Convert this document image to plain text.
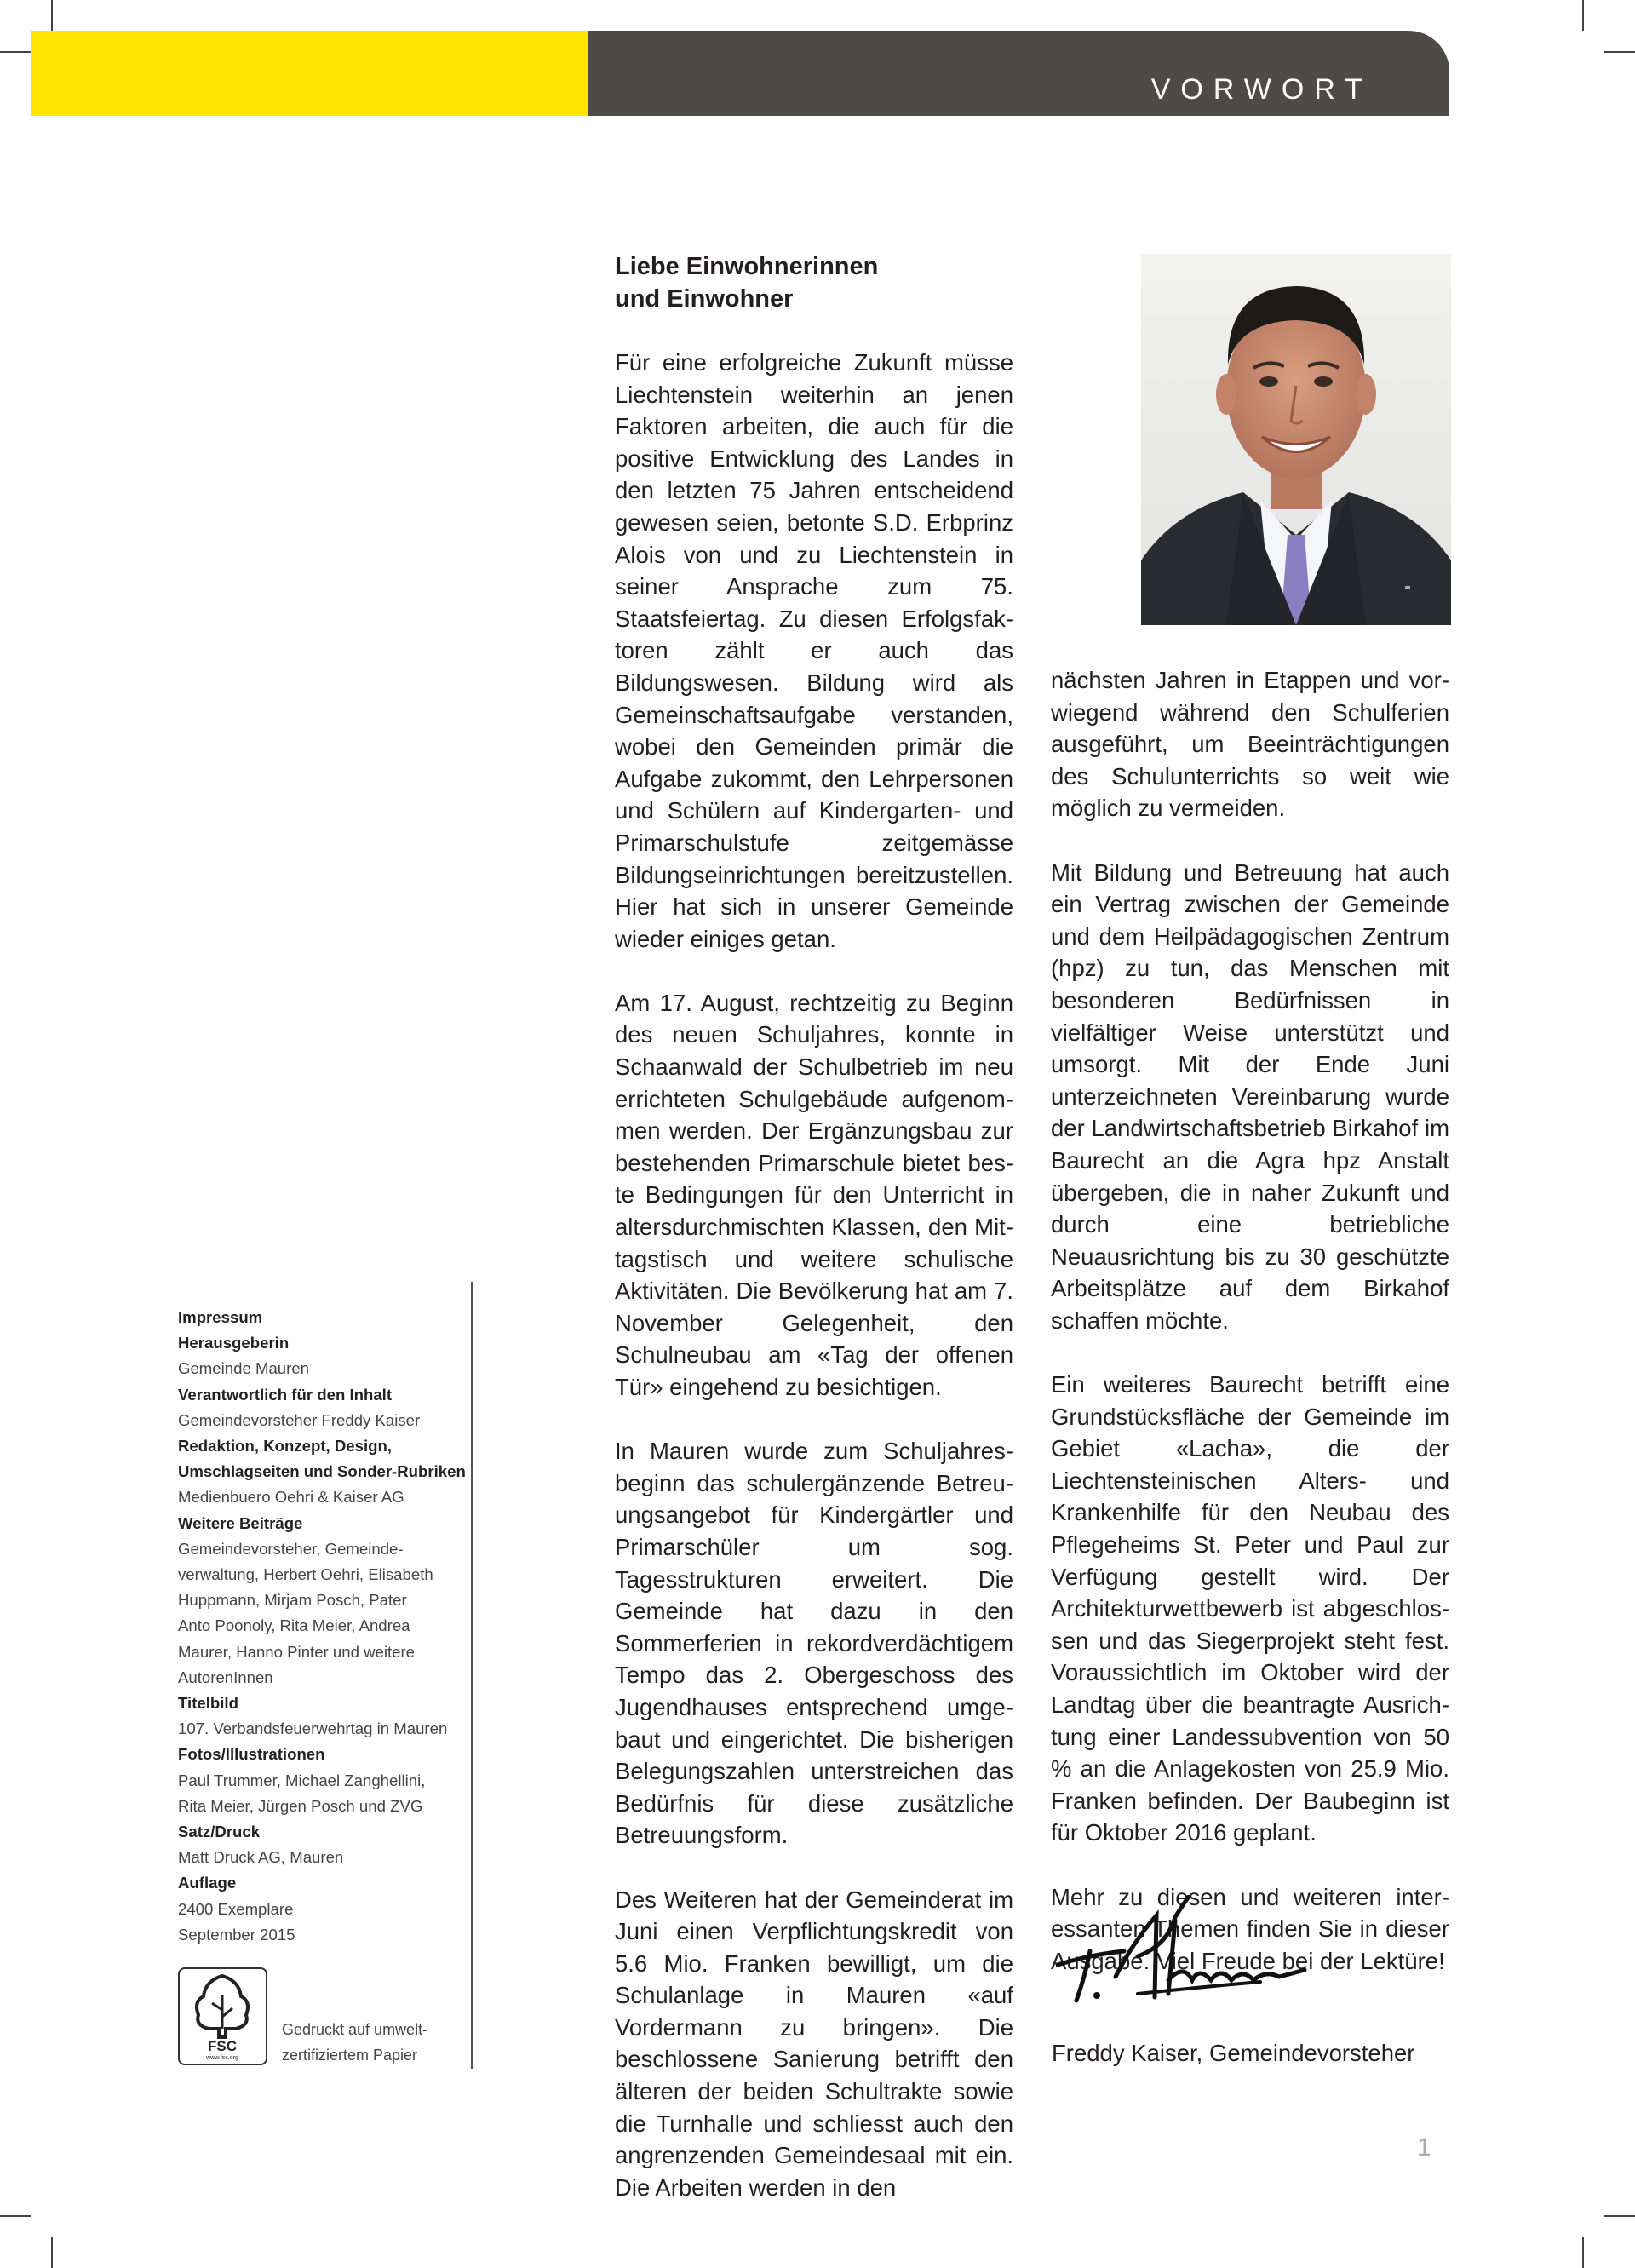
VORWORT

Liebe Einwohnerinnen
und Einwohner

Für eine erfolgreiche Zukunft müsse Liechtenstein weiterhin an jenen Faktoren arbeiten, die auch für die positive Entwicklung des Landes in den letzten 75 Jahren entscheidend gewesen seien, betonte S.D. Erbprinz Alois von und zu Liechtenstein in seiner Ansprache zum 75. Staatsfeiertag. Zu diesen Erfolgsfaktoren zählt er auch das Bildungswesen. Bildung wird als Gemeinschaftsaufgabe verstanden, wobei den Gemeinden primär die Aufgabe zukommt, den Lehrpersonen und Schülern auf Kindergarten- und Primarschulstufe zeitgemässe Bildungseinrichtungen bereitzustellen. Hier hat sich in unserer Gemeinde wieder einiges getan.

Am 17. August, rechtzeitig zu Beginn des neuen Schuljahres, konnte in Schaanwald der Schulbetrieb im neu errichteten Schulgebäude aufgenommen werden. Der Ergänzungsbau zur bestehenden Primarschule bietet beste Bedingungen für den Unterricht in altersdurchmischten Klassen, den Mittagstisch und weitere schulische Aktivitäten. Die Bevölkerung hat am 7. November Gelegenheit, den Schulneubau am «Tag der offenen Tür» eingehend zu besichtigen.

In Mauren wurde zum Schuljahresbeginn das schulergänzende Betreuungsangebot für Kindergärtler und Primarschüler um sog. Tagesstrukturen erweitert. Die Gemeinde hat dazu in den Sommerferien in rekordverdächtigem Tempo das 2. Obergeschoss des Jugendhauses entsprechend umgebaut und eingerichtet. Die bisherigen Belegungszahlen unterstreichen das Bedürfnis für diese zusätzliche Betreuungsform.

Des Weiteren hat der Gemeinderat im Juni einen Verpflichtungskredit von 5.6 Mio. Franken bewilligt, um die Schulanlage in Mauren «auf Vordermann zu bringen». Die beschlossene Sanierung betrifft den älteren der beiden Schultrakte sowie die Turnhalle und schliesst auch den angrenzenden Gemeindesaal mit ein. Die Arbeiten werden in den

nächsten Jahren in Etappen und vorwiegend während den Schulferien ausgeführt, um Beeinträchtigungen des Schulunterrichts so weit wie möglich zu vermeiden.

Mit Bildung und Betreuung hat auch ein Vertrag zwischen der Gemeinde und dem Heilpädagogischen Zentrum (hpz) zu tun, das Menschen mit besonderen Bedürfnissen in vielfältiger Weise unterstützt und umsorgt. Mit der Ende Juni unterzeichneten Vereinbarung wurde der Landwirtschaftsbetrieb Birkahof im Baurecht an die Agra hpz Anstalt übergeben, die in naher Zukunft und durch eine betriebliche Neuausrichtung bis zu 30 geschützte Arbeitsplätze auf dem Birkahof schaffen möchte.

Ein weiteres Baurecht betrifft eine Grundstücksfläche der Gemeinde im Gebiet «Lacha», die der Liechtensteinischen Alters- und Krankenhilfe für den Neubau des Pflegeheims St. Peter und Paul zur Verfügung gestellt wird. Der Architekturwettbewerb ist abgeschlossen und das Siegerprojekt steht fest. Voraussichtlich im Oktober wird der Landtag über die beantragte Ausrichtung einer Landessubvention von 50 % an die Anlagekosten von 25.9 Mio. Franken befinden. Der Baubeginn ist für Oktober 2016 geplant.

Mehr zu diesen und weiteren interessanten Themen finden Sie in dieser Ausgabe. Viel Freude bei der Lektüre!

Freddy Kaiser, Gemeindevorsteher
Impressum
Herausgeberin
Gemeinde Mauren
Verantwortlich für den Inhalt
Gemeindevorsteher Freddy Kaiser
Redaktion, Konzept, Design,
Umschlagseiten und Sonder-Rubriken
Medienbuero Oehri & Kaiser AG
Weitere Beiträge
Gemeindevorsteher, Gemeinde-
verwaltung, Herbert Oehri, Elisabeth
Huppmann, Mirjam Posch, Pater
Anto Poonoly, Rita Meier, Andrea
Maurer, Hanno Pinter und weitere
AutorenInnen
Titelbild
107. Verbandsfeuerwehrtag in Mauren
Fotos/Illustrationen
Paul Trummer, Michael Zanghellini,
Rita Meier, Jürgen Posch und ZVG
Satz/Druck
Matt Druck AG, Mauren
Auflage
2400 Exemplare
September 2015
FSC
www.fsc.org
Gedruckt auf umwelt-
zertifiziertem Papier
1
